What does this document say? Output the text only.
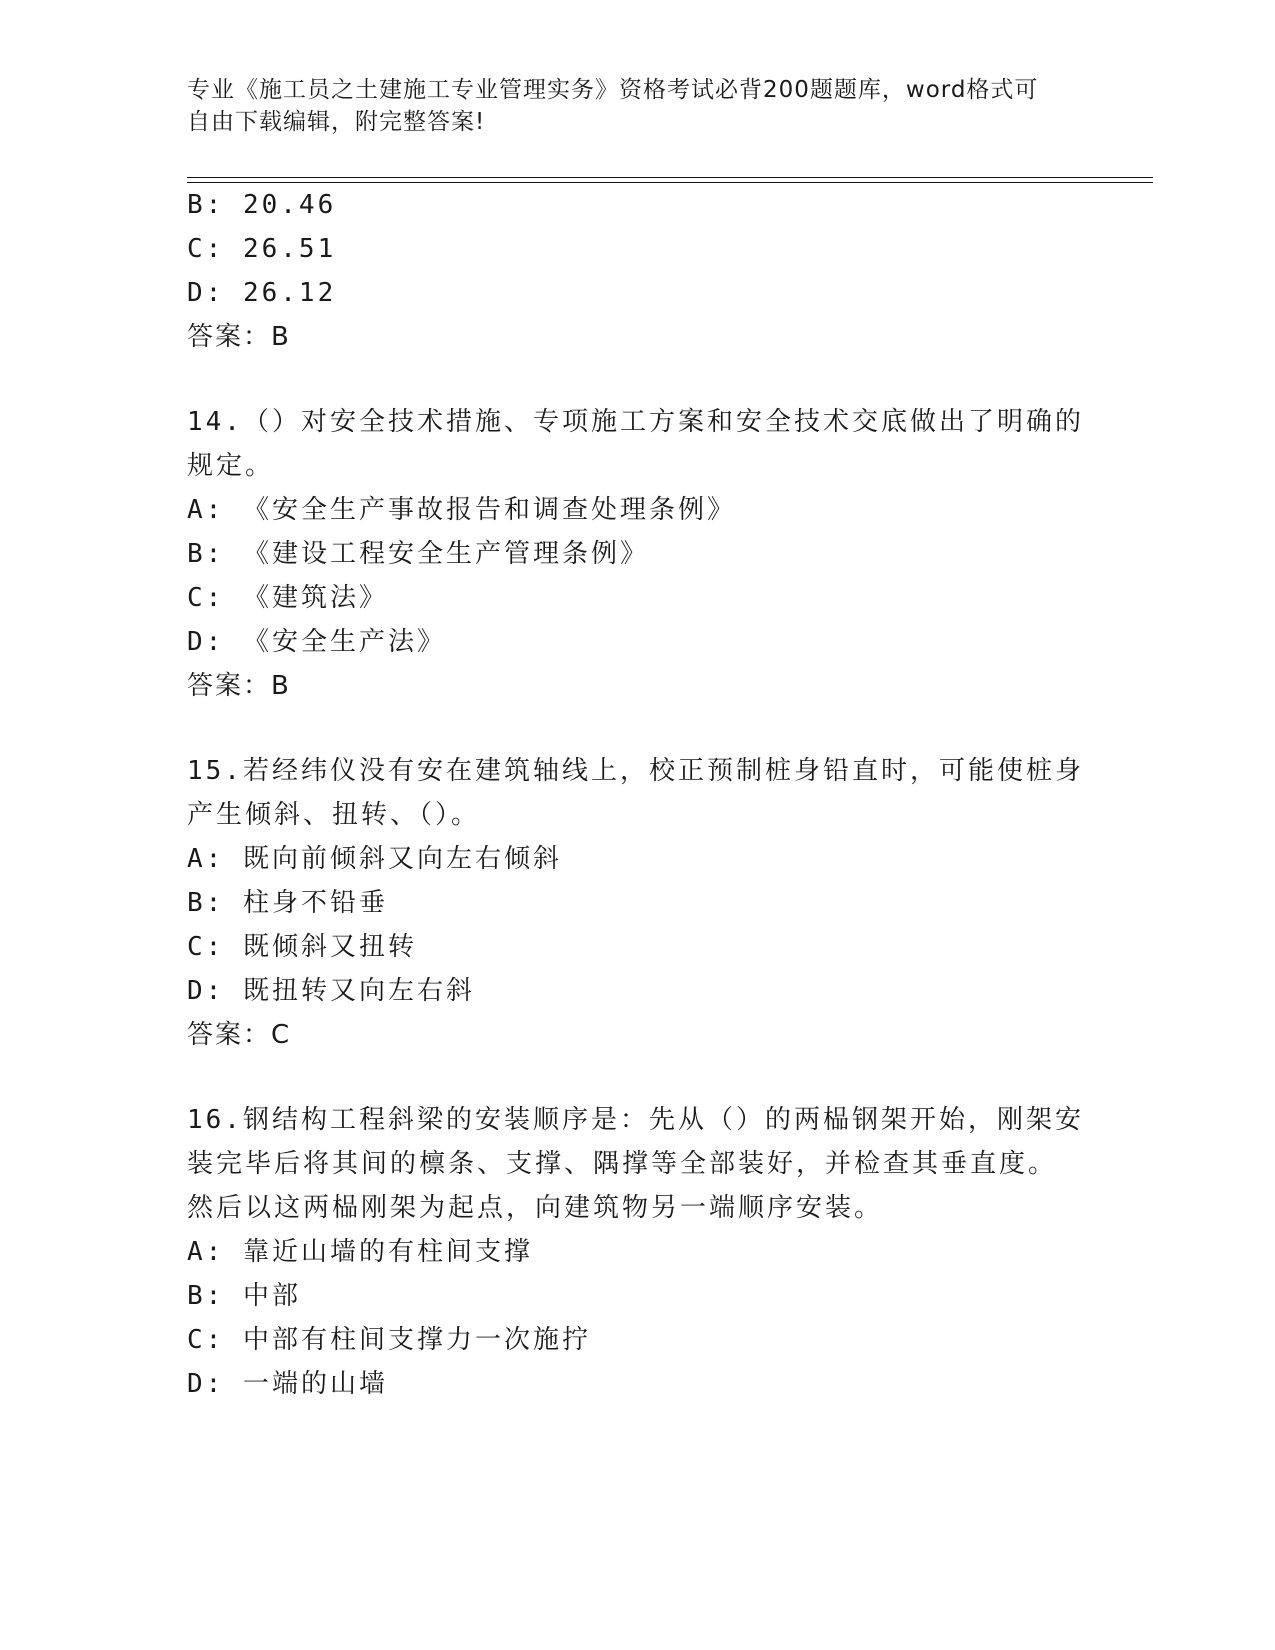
专业《施工员之土建施工专业管理实务》资格考试必背200题题库，word格式可
自由下载编辑，附完整答案!
B: 20.46
C: 26.51
D: 26.12
答案：B
14.（）对安全技术措施、专项施工方案和安全技术交底做出了明确的
规定。
A: 《安全生产事故报告和调查处理条例》
B: 《建设工程安全生产管理条例》
C: 《建筑法》
D: 《安全生产法》
答案：B
15.若经纬仪没有安在建筑轴线上，校正预制桩身铅直时，可能使桩身
产生倾斜、扭转、（）。
A: 既向前倾斜又向左右倾斜
B: 柱身不铅垂
C: 既倾斜又扭转
D: 既扭转又向左右斜
答案：C
16.钢结构工程斜梁的安装顺序是：先从（）的两榀钢架开始，刚架安
装完毕后将其间的檩条、支撑、隅撑等全部装好，并检查其垂直度。
然后以这两榀刚架为起点，向建筑物另一端顺序安装。
A: 靠近山墙的有柱间支撑
B: 中部
C: 中部有柱间支撑力一次施拧
D: 一端的山墙
